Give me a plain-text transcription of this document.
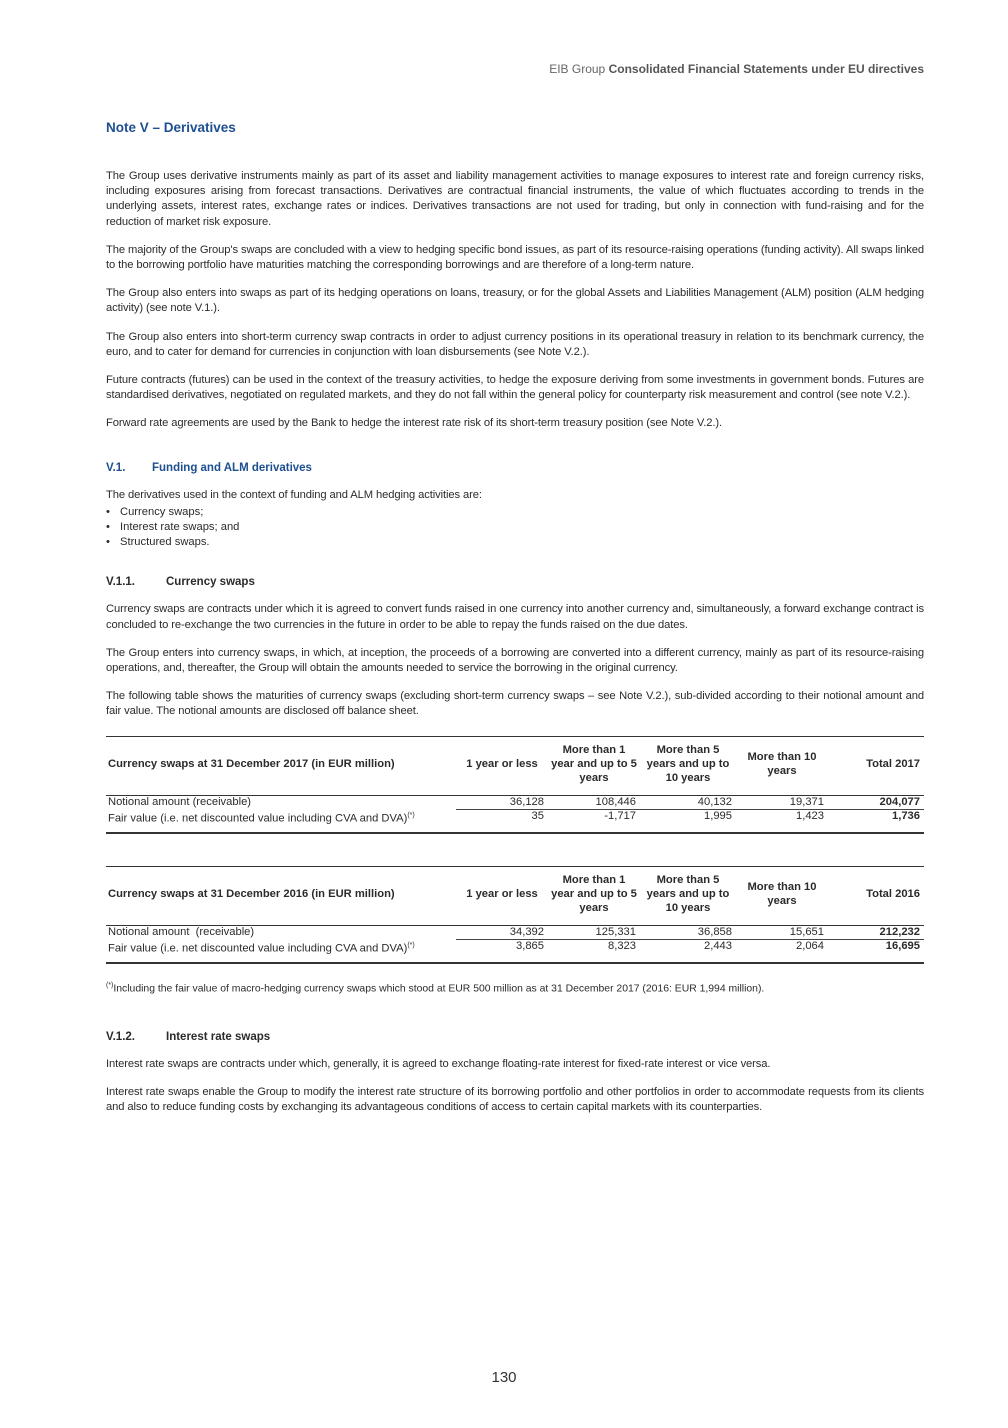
EIB Group Consolidated Financial Statements under EU directives
Note V – Derivatives

The Group uses derivative instruments mainly as part of its asset and liability management activities to manage exposures to interest rate and foreign currency risks, including exposures arising from forecast transactions. Derivatives are contractual financial instruments, the value of which fluctuates according to trends in the underlying assets, interest rates, exchange rates or indices. Derivatives transactions are not used for trading, but only in connection with fund-raising and for the reduction of market risk exposure.

The majority of the Group's swaps are concluded with a view to hedging specific bond issues, as part of its resource-raising operations (funding activity). All swaps linked to the borrowing portfolio have maturities matching the corresponding borrowings and are therefore of a long-term nature.

The Group also enters into swaps as part of its hedging operations on loans, treasury, or for the global Assets and Liabilities Management (ALM) position (ALM hedging activity) (see note V.1.).

The Group also enters into short-term currency swap contracts in order to adjust currency positions in its operational treasury in relation to its benchmark currency, the euro, and to cater for demand for currencies in conjunction with loan disbursements (see Note V.2.).

Future contracts (futures) can be used in the context of the treasury activities, to hedge the exposure deriving from some investments in government bonds. Futures are standardised derivatives, negotiated on regulated markets, and they do not fall within the general policy for counterparty risk measurement and control (see note V.2.).

Forward rate agreements are used by the Bank to hedge the interest rate risk of its short-term treasury position (see Note V.2.).

V.1. Funding and ALM derivatives

The derivatives used in the context of funding and ALM hedging activities are:

• Currency swaps;
• Interest rate swaps; and
• Structured swaps.
V.1.1.	Currency swaps

Currency swaps are contracts under which it is agreed to convert funds raised in one currency into another currency and, simultaneously, a forward exchange contract is concluded to re-exchange the two currencies in the future in order to be able to repay the funds raised on the due dates.

The Group enters into currency swaps, in which, at inception, the proceeds of a borrowing are converted into a different currency, mainly as part of its resource-raising operations, and, thereafter, the Group will obtain the amounts needed to service the borrowing in the original currency.

The following table shows the maturities of currency swaps (excluding short-term currency swaps – see Note V.2.), sub-divided according to their notional amount and fair value. The notional amounts are disclosed off balance sheet.

Currency swaps at 31 December 2017 (in EUR million)	1 year or less	More than 1 year and up to 5 years	More than 5 years and up to 10 years	More than 10 years	Total 2017
Notional amount (receivable)	36,128	108,446	40,132	19,371	204,077
Fair value (i.e. net discounted value including CVA and DVA)(*)	35	-1,717	1,995	1,423	1,736
Currency swaps at 31 December 2016 (in EUR million)	1 year or less	More than 1 year and up to 5 years	More than 5 years and up to 10 years	More than 10 years	Total 2016
Notional amount  (receivable)	34,392	125,331	36,858	15,651	212,232
Fair value (i.e. net discounted value including CVA and DVA)(*)	3,865	8,323	2,443	2,064	16,695
(*)Including the fair value of macro-hedging currency swaps which stood at EUR 500 million as at 31 December 2017 (2016: EUR 1,994 million).
V.1.2.	Interest rate swaps

Interest rate swaps are contracts under which, generally, it is agreed to exchange floating-rate interest for fixed-rate interest or vice versa.

Interest rate swaps enable the Group to modify the interest rate structure of its borrowing portfolio and other portfolios in order to accommodate requests from its clients and also to reduce funding costs by exchanging its advantageous conditions of access to certain capital markets with its counterparties.

130
